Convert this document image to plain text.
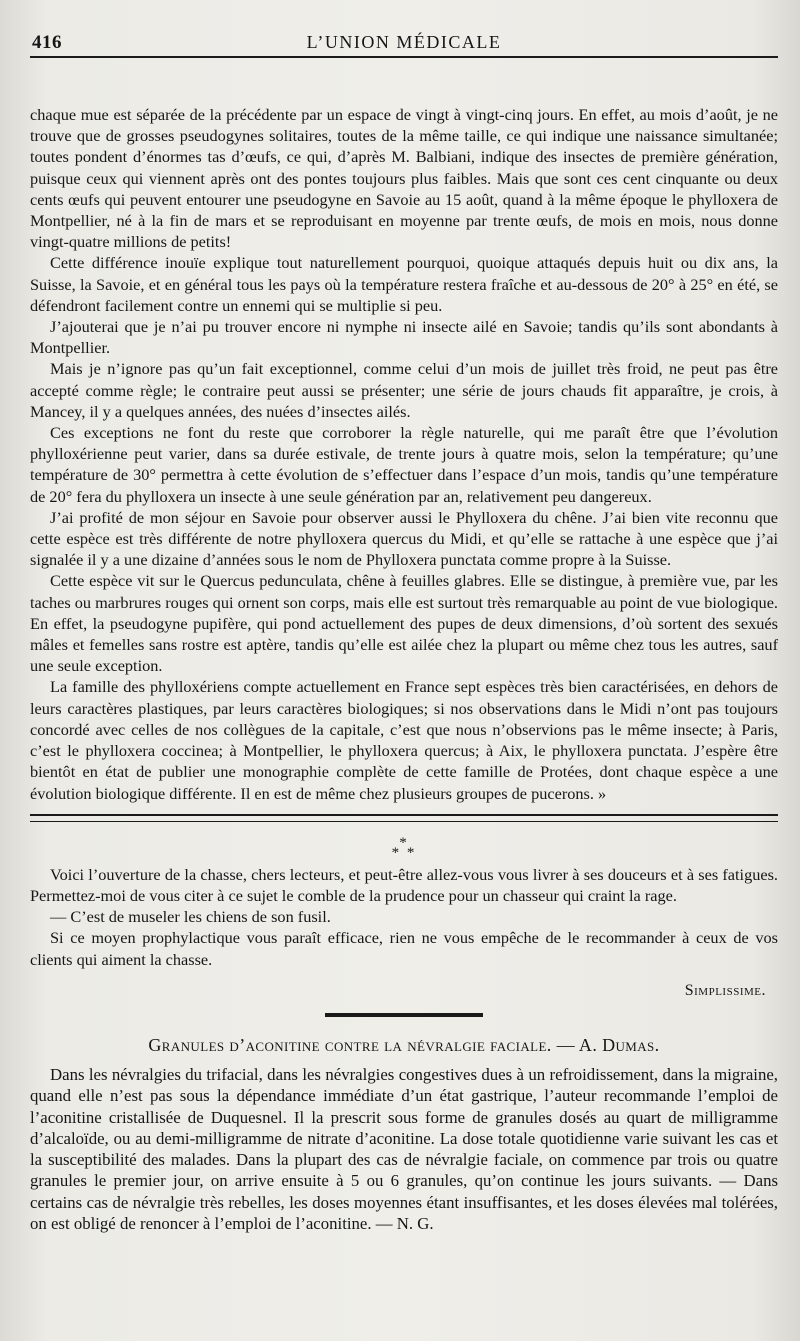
416	L’UNION MÉDICALE

chaque mue est séparée de la précédente par un espace de vingt à vingt-cinq jours. En effet, au mois d’août, je ne trouve que de grosses pseudogynes solitaires, toutes de la même taille, ce qui indique une naissance simultanée; toutes pondent d’énormes tas d’œufs, ce qui, d’après M. Balbiani, indique des insectes de première génération, puisque ceux qui viennent après ont des pontes toujours plus faibles. Mais que sont ces cent cinquante ou deux cents œufs qui peuvent entourer une pseudogyne en Savoie au 15 août, quand à la même époque le phylloxera de Montpellier, né à la fin de mars et se reproduisant en moyenne par trente œufs, de mois en mois, nous donne vingt-quatre millions de petits!

Cette différence inouïe explique tout naturellement pourquoi, quoique attaqués depuis huit ou dix ans, la Suisse, la Savoie, et en général tous les pays où la température restera fraîche et au-dessous de 20° à 25° en été, se défendront facilement contre un ennemi qui se multiplie si peu.

J’ajouterai que je n’ai pu trouver encore ni nymphe ni insecte ailé en Savoie; tandis qu’ils sont abondants à Montpellier.

Mais je n’ignore pas qu’un fait exceptionnel, comme celui d’un mois de juillet très froid, ne peut pas être accepté comme règle; le contraire peut aussi se présenter; une série de jours chauds fit apparaître, je crois, à Mancey, il y a quelques années, des nuées d’insectes ailés.

Ces exceptions ne font du reste que corroborer la règle naturelle, qui me paraît être que l’évolution phylloxérienne peut varier, dans sa durée estivale, de trente jours à quatre mois, selon la température; qu’une température de 30° permettra à cette évolution de s’effectuer dans l’espace d’un mois, tandis qu’une température de 20° fera du phylloxera un insecte à une seule génération par an, relativement peu dangereux.

J’ai profité de mon séjour en Savoie pour observer aussi le Phylloxera du chêne. J’ai bien vite reconnu que cette espèce est très différente de notre phylloxera quercus du Midi, et qu’elle se rattache à une espèce que j’ai signalée il y a une dizaine d’années sous le nom de Phylloxera punctata comme propre à la Suisse.

Cette espèce vit sur le Quercus pedunculata, chêne à feuilles glabres. Elle se distingue, à première vue, par les taches ou marbrures rouges qui ornent son corps, mais elle est surtout très remarquable au point de vue biologique. En effet, la pseudogyne pupifère, qui pond actuellement des pupes de deux dimensions, d’où sortent des sexués mâles et femelles sans rostre est aptère, tandis qu’elle est ailée chez la plupart ou même chez tous les autres, sauf une seule exception.

La famille des phylloxériens compte actuellement en France sept espèces très bien caractérisées, en dehors de leurs caractères plastiques, par leurs caractères biologiques; si nos observations dans le Midi n’ont pas toujours concordé avec celles de nos collègues de la capitale, c’est que nous n’observions pas le même insecte; à Paris, c’est le phylloxera coccinea; à Montpellier, le phylloxera quercus; à Aix, le phylloxera punctata. J’espère être bientôt en état de publier une monographie complète de cette famille de Protées, dont chaque espèce a une évolution biologique différente. Il en est de même chez plusieurs groupes de pucerons. »

*
* *

Voici l’ouverture de la chasse, chers lecteurs, et peut-être allez-vous vous livrer à ses douceurs et à ses fatigues. Permettez-moi de vous citer à ce sujet le comble de la prudence pour un chasseur qui craint la rage.

— C’est de museler les chiens de son fusil.

Si ce moyen prophylactique vous paraît efficace, rien ne vous empêche de le recommander à ceux de vos clients qui aiment la chasse.

Simplissime.
Granules d’aconitine contre la névralgie faciale. — A. Dumas.

Dans les névralgies du trifacial, dans les névralgies congestives dues à un refroidissement, dans la migraine, quand elle n’est pas sous la dépendance immédiate d’un état gastrique, l’auteur recommande l’emploi de l’aconitine cristallisée de Duquesnel. Il la prescrit sous forme de granules dosés au quart de milligramme d’alcaloïde, ou au demi-milligramme de nitrate d’aconitine. La dose totale quotidienne varie suivant les cas et la susceptibilité des malades. Dans la plupart des cas de névralgie faciale, on commence par trois ou quatre granules le premier jour, on arrive ensuite à 5 ou 6 granules, qu’on continue les jours suivants. — Dans certains cas de névralgie très rebelles, les doses moyennes étant insuffisantes, et les doses élevées mal tolérées, on est obligé de renoncer à l’emploi de l’aconitine. — N. G.
